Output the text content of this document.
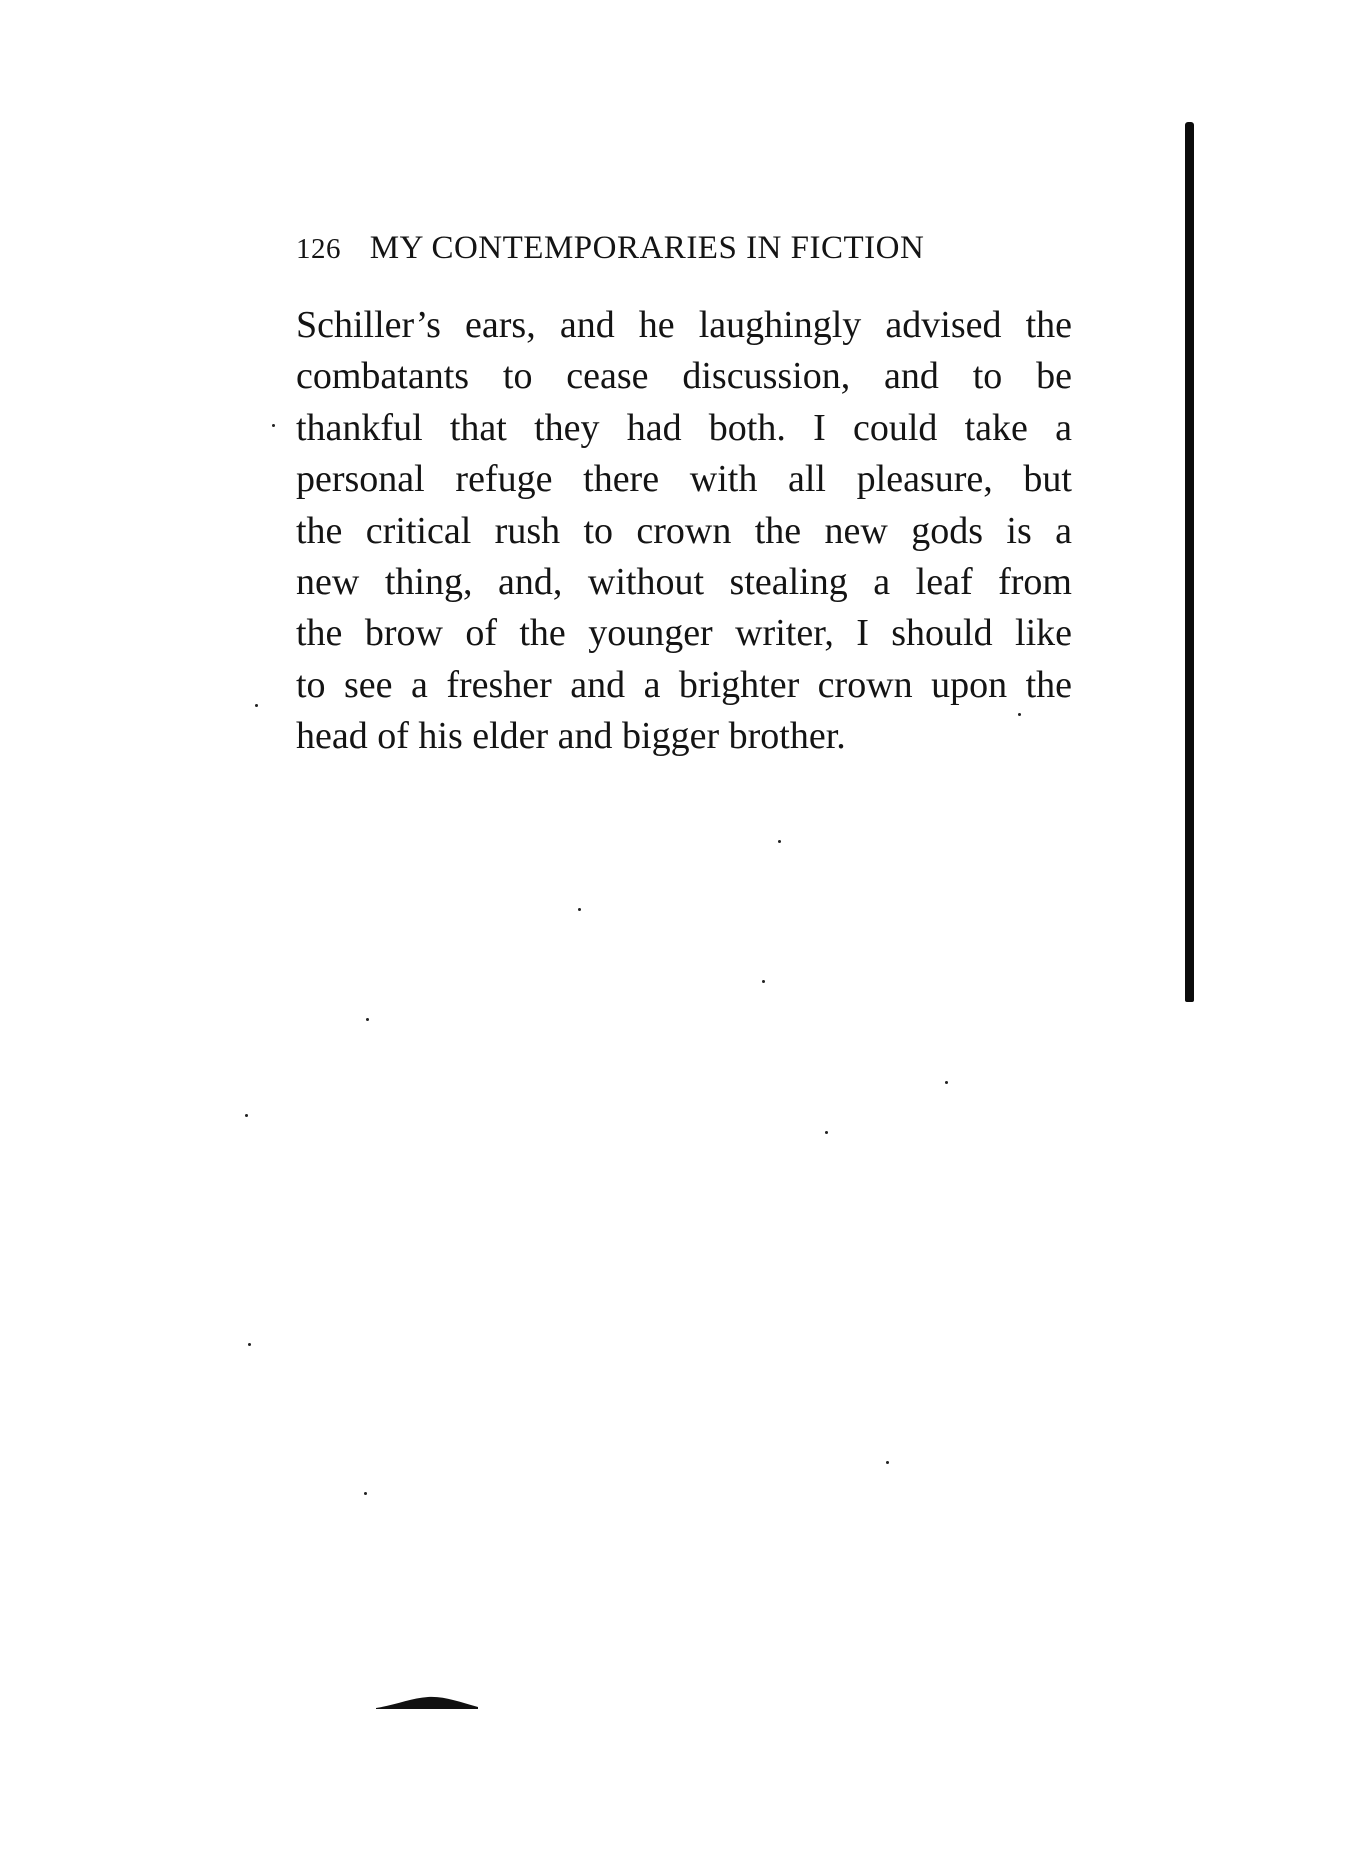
126 MY CONTEMPORARIES IN FICTION
Schiller’s ears, and he laughingly advised the
combatants to cease discussion, and to be
thankful that they had both. I could take a
personal refuge there with all pleasure, but
the critical rush to crown the new gods is a
new thing, and, without stealing a leaf from
the brow of the younger writer, I should like
to see a fresher and a brighter crown upon the
head of his elder and bigger brother.
